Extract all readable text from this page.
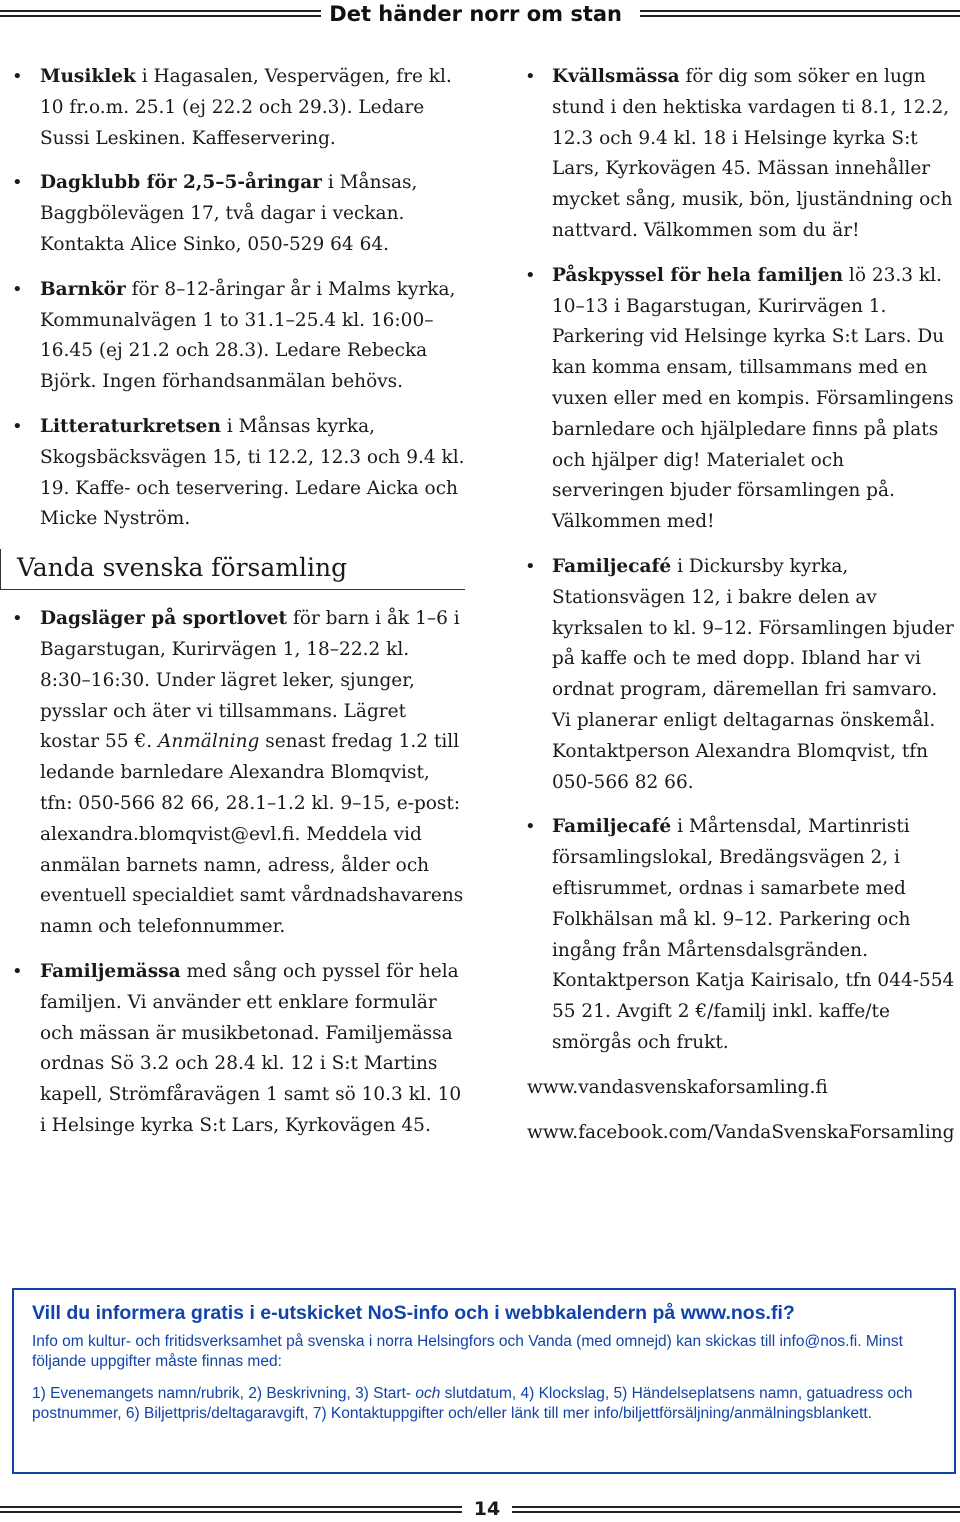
Det händer norr om stan
• Musiklek i Hagasalen, Vespervägen, fre kl. 10 fr.o.m. 25.1 (ej 22.2 och 29.3). Ledare Sussi Leskinen. Kaffeservering.
• Dagklubb för 2,5–5-åringar i Månsas, Baggbölevägen 17, två dagar i veckan. Kontakta Alice Sinko, 050-529 64 64.
• Barnkör för 8–12-åringar år i Malms kyrka, Kommunalvägen 1 to 31.1–25.4 kl. 16:00–16.45 (ej 21.2 och 28.3). Ledare Rebecka Björk. Ingen förhandsanmälan behövs.
• Litteraturkretsen i Månsas kyrka, Skogsbäcksvägen 15, ti 12.2, 12.3 och 9.4 kl. 19. Kaffe- och teservering. Ledare Aicka och Micke Nyström.
Vanda svenska församling
• Dagsläger på sportlovet för barn i åk 1–6 i Bagarstugan, Kurirvägen 1, 18–22.2 kl. 8:30–16:30. Under lägret leker, sjunger, pysslar och äter vi tillsammans. Lägret kostar 55 €. Anmälning senast fredag 1.2 till ledande barnledare Alexandra Blomqvist, tfn: 050-566 82 66, 28.1–1.2 kl. 9–15, e-post: alexandra.blomqvist@evl.fi. Meddela vid anmälan barnets namn, adress, ålder och eventuell specialdiet samt vårdnadshavarens namn och telefonnummer.
• Familjemässa med sång och pyssel för hela familjen. Vi använder ett enklare formulär och mässan är musikbetonad. Familjemässa ordnas Sö 3.2 och 28.4 kl. 12 i S:t Martins kapell, Strömfåravägen 1 samt sö 10.3 kl. 10 i Helsinge kyrka S:t Lars, Kyrkovägen 45.
• Kvällsmässa för dig som söker en lugn stund i den hektiska vardagen ti 8.1, 12.2, 12.3 och 9.4 kl. 18 i Helsinge kyrka S:t Lars, Kyrkovägen 45. Mässan innehåller mycket sång, musik, bön, ljuständning och nattvard. Välkommen som du är!
• Påskpyssel för hela familjen lö 23.3 kl. 10–13 i Bagarstugan, Kurirvägen 1. Parkering vid Helsinge kyrka S:t Lars. Du kan komma ensam, tillsammans med en vuxen eller med en kompis. Församlingens barnledare och hjälpledare finns på plats och hjälper dig! Materialet och serveringen bjuder församlingen på. Välkommen med!
• Familjecafé i Dickursby kyrka, Stationsvägen 12, i bakre delen av kyrksalen to kl. 9–12. Församlingen bjuder på kaffe och te med dopp. Ibland har vi ordnat program, däremellan fri samvaro. Vi planerar enligt deltagarnas önskemål. Kontaktperson Alexandra Blomqvist, tfn 050-566 82 66.
• Familjecafé i Mårtensdal, Martinristi församlingslokal, Bredängsvägen 2, i eftisrummet, ordnas i samarbete med Folkhälsan må kl. 9–12. Parkering och ingång från Mårtensdalsgränden. Kontaktperson Katja Kairisalo, tfn 044-554 55 21. Avgift 2 €/familj inkl. kaffe/te smörgås och frukt.
www.vandasvenskaforsamling.fi
www.facebook.com/VandaSvenskaForsamling

Vill du informera gratis i e-utskicket NoS-info och i webbkalendern på www.nos.fi?

Info om kultur- och fritidsverksamhet på svenska i norra Helsingfors och Vanda (med omnejd) kan skickas till info@nos.fi. Minst följande uppgifter måste finnas med:

1) Evenemangets namn/rubrik, 2) Beskrivning, 3) Start- och slutdatum, 4) Klockslag, 5) Händelseplatsens namn, gatuadress och postnummer, 6) Biljettpris/deltagaravgift, 7) Kontaktuppgifter och/eller länk till mer info/biljettförsäljning/anmälningsblankett.

14
